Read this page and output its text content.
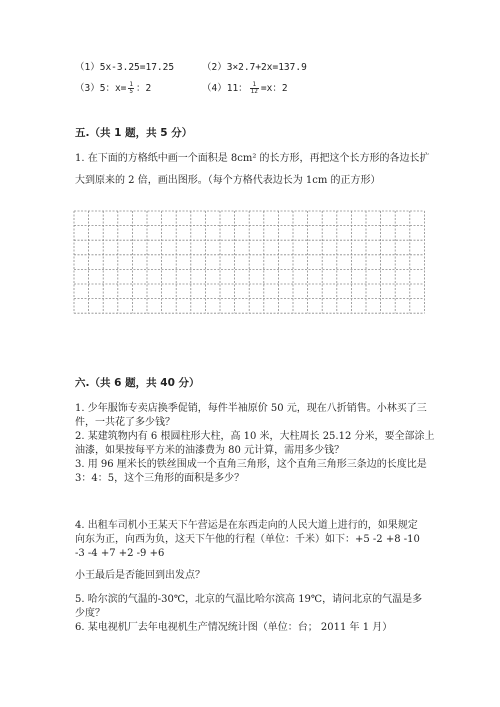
（1）5x-3.25=17.25	（2）3×2.7+2x=137.9
（3）5：$x= \frac{1}{5}$ ：2	（4）11： $\frac{1}{12} =x$：2
五.（共 1 题，共 5 分）
1. 在下面的方格纸中画一个面积是 8cm² 的长方形，再把这个长方形的各边长扩
大到原来的 2 倍，画出图形。（每个方格代表边长为 1cm 的正方形）
六.（共 6 题，共 40 分）
1. 少年服饰专卖店换季促销，每件半袖原价 50 元，现在八折销售。小林买了三
件，一共花了多少钱？
2. 某建筑物内有 6 根圆柱形大柱，高 10 米，大柱周长 25.12 分米，要全部涂上
油漆，如果按每平方米的油漆费为 80 元计算，需用多少钱？
3. 用 96 厘米长的铁丝围成一个直角三角形，这个直角三角形三条边的长度比是
3：4：5，这个三角形的面积是多少？
4. 出租车司机小王某天下午营运是在东西走向的人民大道上进行的，如果规定
向东为正，向西为负，这天下午他的行程（单位：千米）如下：+5 -2 +8 -10
-3 -4 +7 +2 -9 +6
小王最后是否能回到出发点？
5. 哈尔滨的气温的-30℃，北京的气温比哈尔滨高 19℃，请问北京的气温是多
少度？
6. 某电视机厂去年电视机生产情况统计图（单位：台； 2011 年 1 月）
